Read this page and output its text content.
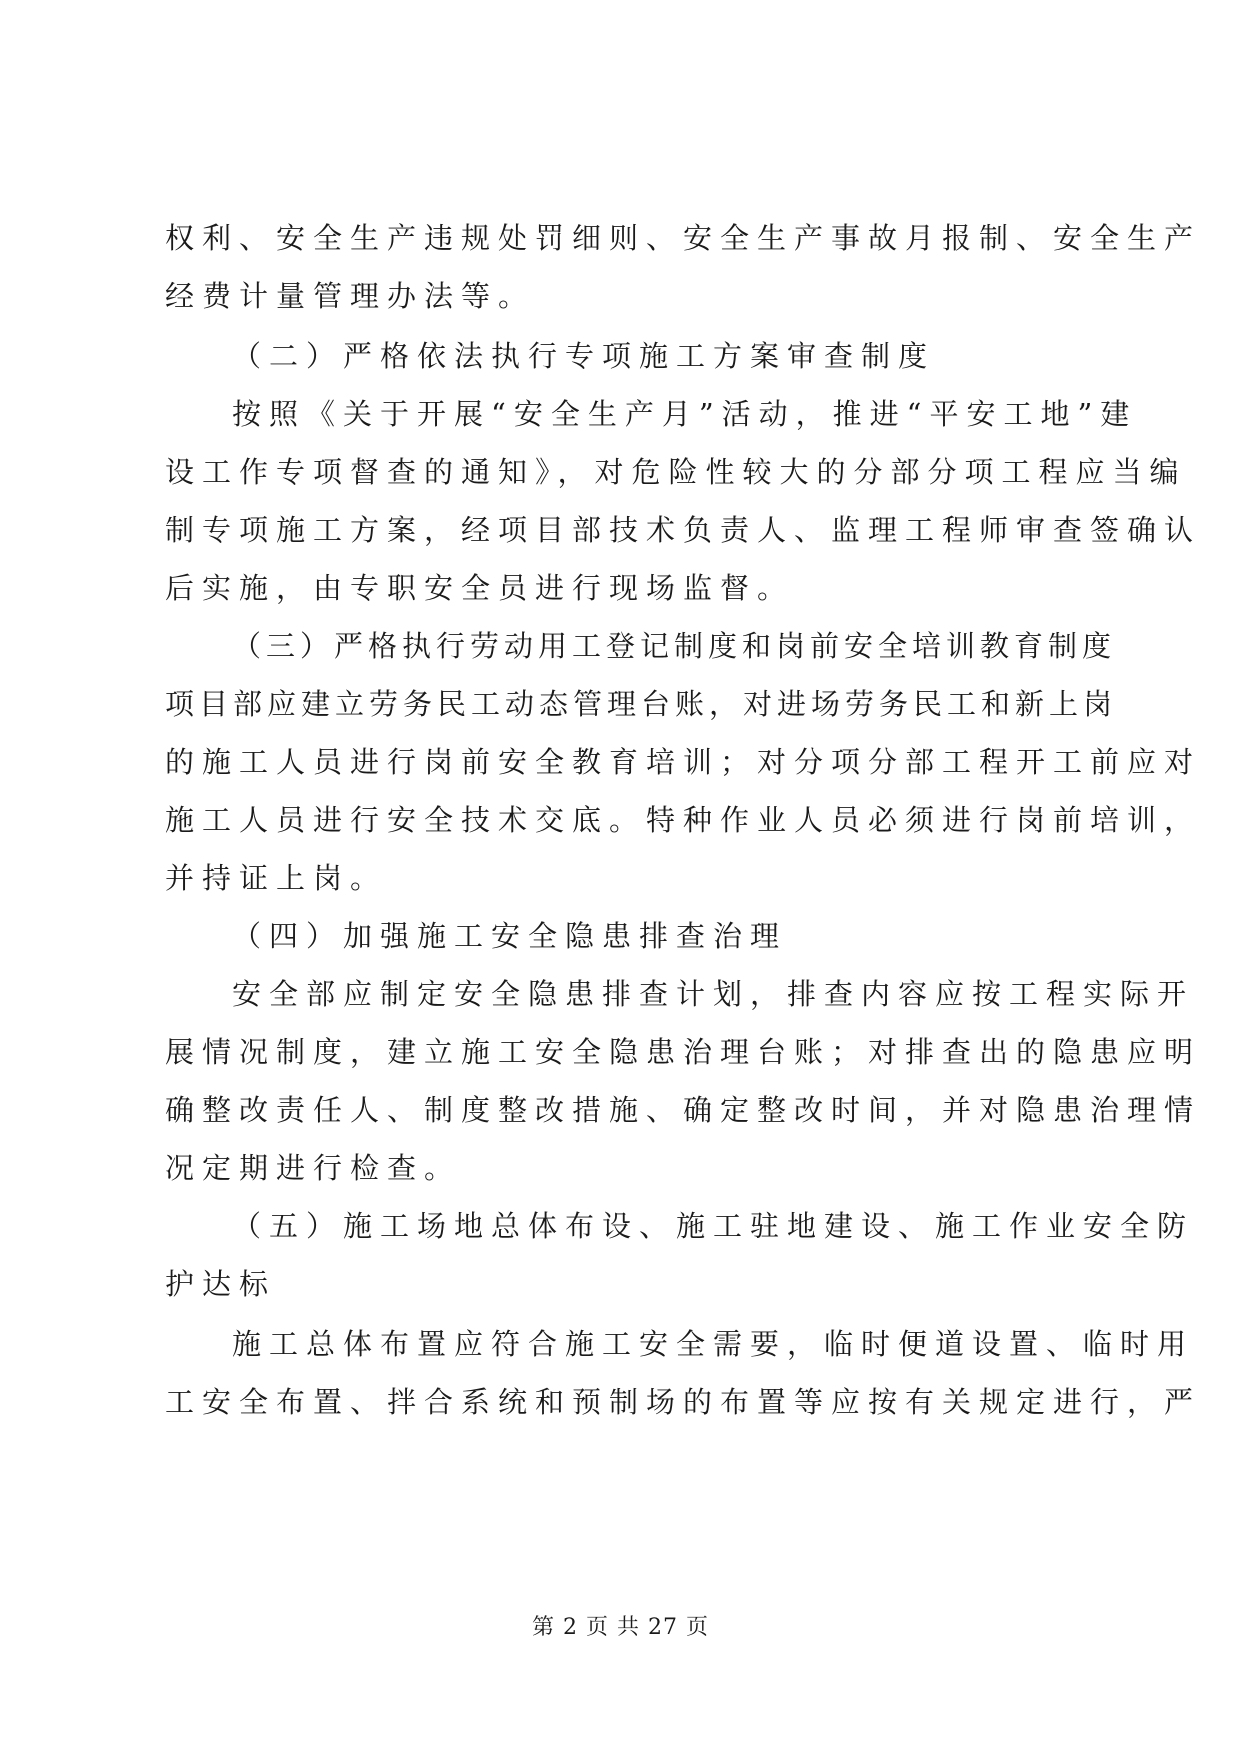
权利、安全生产违规处罚细则、安全生产事故月报制、安全生产
经费计量管理办法等。
（二）严格依法执行专项施工方案审查制度
按照《关于开展“安全生产月”活动，推进“平安工地”建
设工作专项督查的通知》，对危险性较大的分部分项工程应当编
制专项施工方案，经项目部技术负责人、监理工程师审查签确认
后实施，由专职安全员进行现场监督。
（三）严格执行劳动用工登记制度和岗前安全培训教育制度
项目部应建立劳务民工动态管理台账，对进场劳务民工和新上岗
的施工人员进行岗前安全教育培训；对分项分部工程开工前应对
施工人员进行安全技术交底。特种作业人员必须进行岗前培训，
并持证上岗。
（四）加强施工安全隐患排查治理
安全部应制定安全隐患排查计划，排查内容应按工程实际开
展情况制度，建立施工安全隐患治理台账；对排查出的隐患应明
确整改责任人、制度整改措施、确定整改时间，并对隐患治理情
况定期进行检查。
（五）施工场地总体布设、施工驻地建设、施工作业安全防
护达标
施工总体布置应符合施工安全需要，临时便道设置、临时用
工安全布置、拌合系统和预制场的布置等应按有关规定进行，严
第 2 页 共 27 页
